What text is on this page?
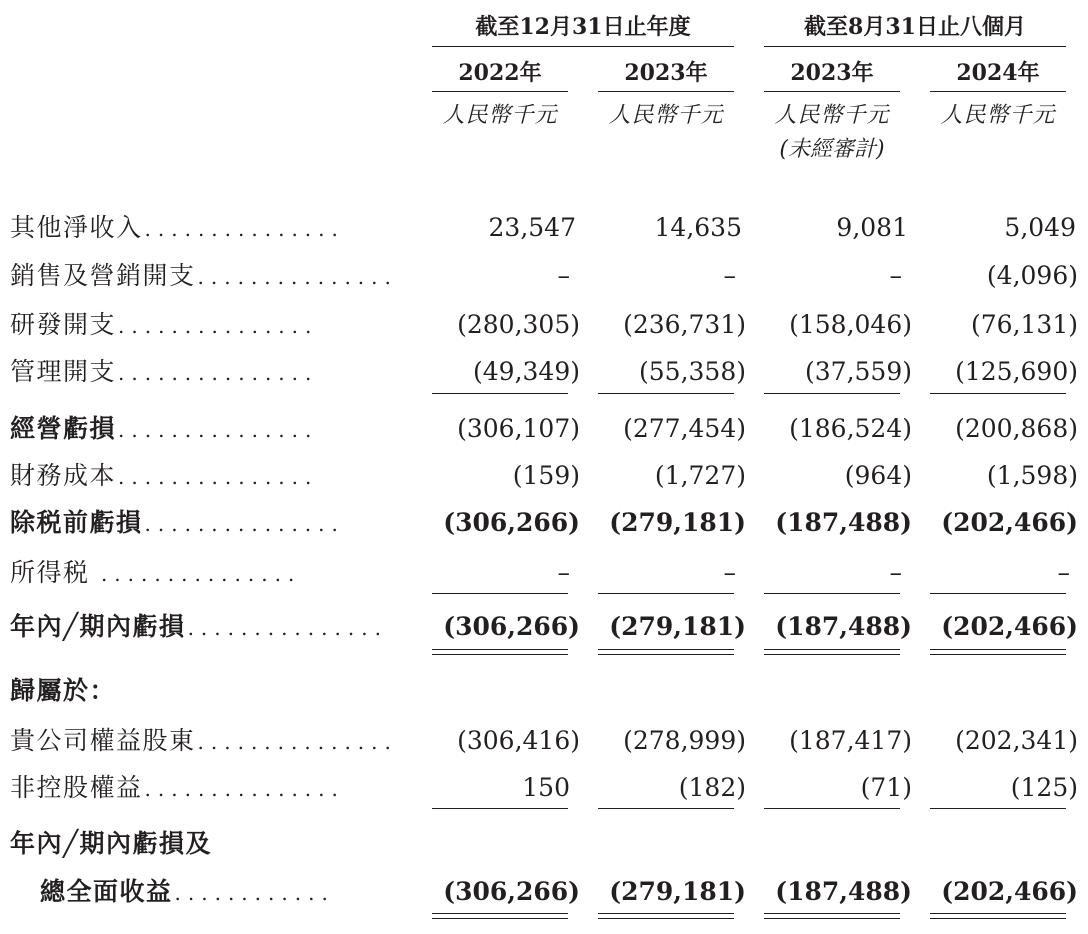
截至12月31日止年度	截至8月31日止八個月
2022年	2023年	2023年	2024年
人民幣千元	人民幣千元	人民幣千元	人民幣千元
(未經審計)
其他淨收入 ...............	23,547	14,635	9,081	5,049
銷售及營銷開支 ...............	–	–	–	(4,096)
研發開支 ...............	(280,305)	(236,731)	(158,046)	(76,131)
管理開支 ...............	(49,349)	(55,358)	(37,559)	(125,690)
經營虧損 ...............	(306,107)	(277,454)	(186,524)	(200,868)
財務成本 ...............	(159)	(1,727)	(964)	(1,598)
除税前虧損 ...............	(306,266)	(279,181)	(187,488)	(202,466)
所得税 ...............	–	–	–	–
年內╱期內虧損 ...............	(306,266)	(279,181)	(187,488)	(202,466)
歸屬於：
貴公司權益股東 ...............	(306,416)	(278,999)	(187,417)	(202,341)
非控股權益 ...............	150	(182)	(71)	(125)
年內╱期內虧損及
總全面收益 ............	(306,266)	(279,181)	(187,488)	(202,466)
